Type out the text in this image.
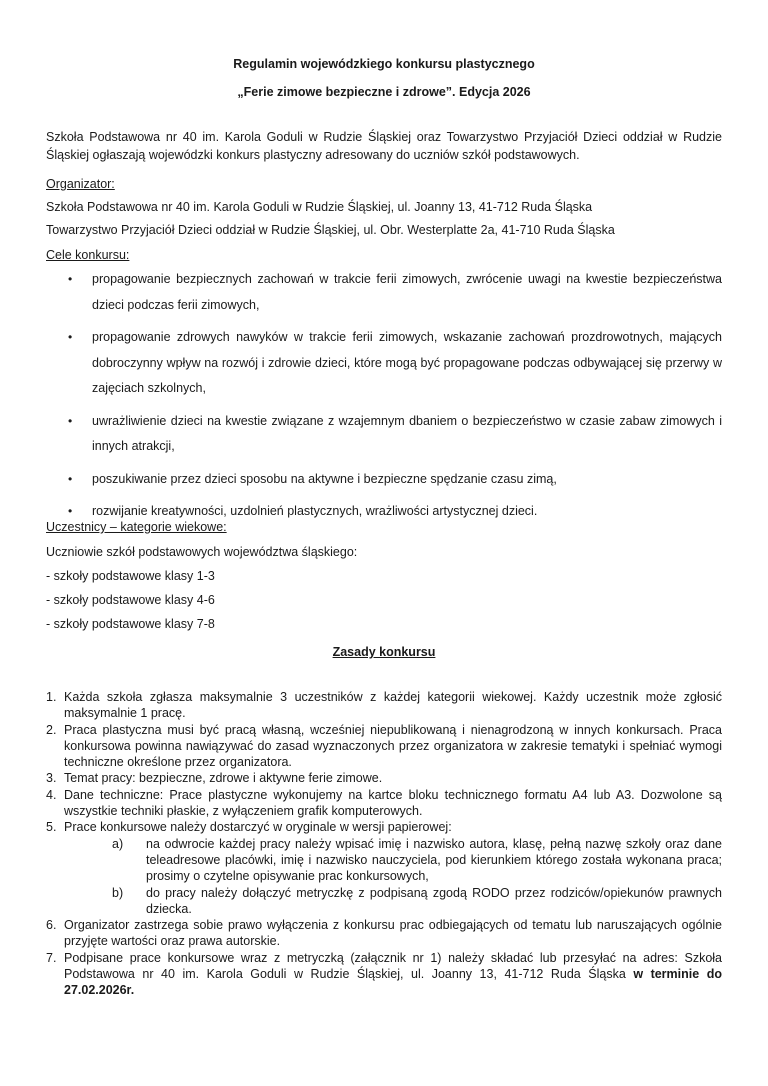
Regulamin wojewódzkiego konkursu plastycznego
„Ferie zimowe bezpieczne i zdrowe”. Edycja 2026
Szkoła Podstawowa nr 40 im. Karola Goduli w Rudzie Śląskiej oraz Towarzystwo Przyjaciół Dzieci oddział w Rudzie Śląskiej ogłaszają wojewódzki konkurs plastyczny adresowany do uczniów szkół podstawowych.
Organizator:
Szkoła Podstawowa nr 40 im. Karola Goduli w Rudzie Śląskiej, ul. Joanny 13, 41-712 Ruda Śląska
Towarzystwo Przyjaciół Dzieci oddział w Rudzie Śląskiej, ul. Obr. Westerplatte 2a, 41-710 Ruda Śląska
Cele konkursu:
• propagowanie bezpiecznych zachowań w trakcie ferii zimowych, zwrócenie uwagi na kwestie bezpieczeństwa dzieci podczas ferii zimowych,
• propagowanie zdrowych nawyków w trakcie ferii zimowych, wskazanie zachowań prozdrowotnych, mających dobroczynny wpływ na rozwój i zdrowie dzieci, które mogą być propagowane podczas odbywającej się przerwy w zajęciach szkolnych,
• uwrażliwienie dzieci na kwestie związane z wzajemnym dbaniem o bezpieczeństwo w czasie zabaw zimowych i innych atrakcji,
• poszukiwanie przez dzieci sposobu na aktywne i bezpieczne spędzanie czasu zimą,
• rozwijanie kreatywności, uzdolnień plastycznych, wrażliwości artystycznej dzieci.
Uczestnicy – kategorie wiekowe:
Uczniowie szkół podstawowych województwa śląskiego:
- szkoły podstawowe klasy 1-3
- szkoły podstawowe klasy 4-6
- szkoły podstawowe klasy 7-8
Zasady konkursu
1. Każda szkoła zgłasza maksymalnie 3 uczestników z każdej kategorii wiekowej. Każdy uczestnik może zgłosić maksymalnie 1 pracę.
2. Praca plastyczna musi być pracą własną, wcześniej niepublikowaną i nienagrodzoną w innych konkursach. Praca konkursowa powinna nawiązywać do zasad wyznaczonych przez organizatora w zakresie tematyki i spełniać wymogi techniczne określone przez organizatora.
3. Temat pracy: bezpieczne, zdrowe i aktywne ferie zimowe.
4. Dane techniczne: Prace plastyczne wykonujemy na kartce bloku technicznego formatu A4 lub A3. Dozwolone są wszystkie techniki płaskie, z wyłączeniem grafik komputerowych.
5. Prace konkursowe należy dostarczyć w oryginale w wersji papierowej:
a) na odwrocie każdej pracy należy wpisać imię i nazwisko autora, klasę, pełną nazwę szkoły oraz dane teleadresowe placówki, imię i nazwisko nauczyciela, pod kierunkiem którego została wykonana praca; prosimy o czytelne opisywanie prac konkursowych,
b) do pracy należy dołączyć metryczkę z podpisaną zgodą RODO przez rodziców/opiekunów prawnych dziecka.
6. Organizator zastrzega sobie prawo wyłączenia z konkursu prac odbiegających od tematu lub naruszających ogólnie przyjęte wartości oraz prawa autorskie.
7. Podpisane prace konkursowe wraz z metryczką (załącznik nr 1) należy składać lub przesyłać na adres: Szkoła Podstawowa nr 40 im. Karola Goduli w Rudzie Śląskiej, ul. Joanny 13, 41-712 Ruda Śląska w terminie do 27.02.2026r.
